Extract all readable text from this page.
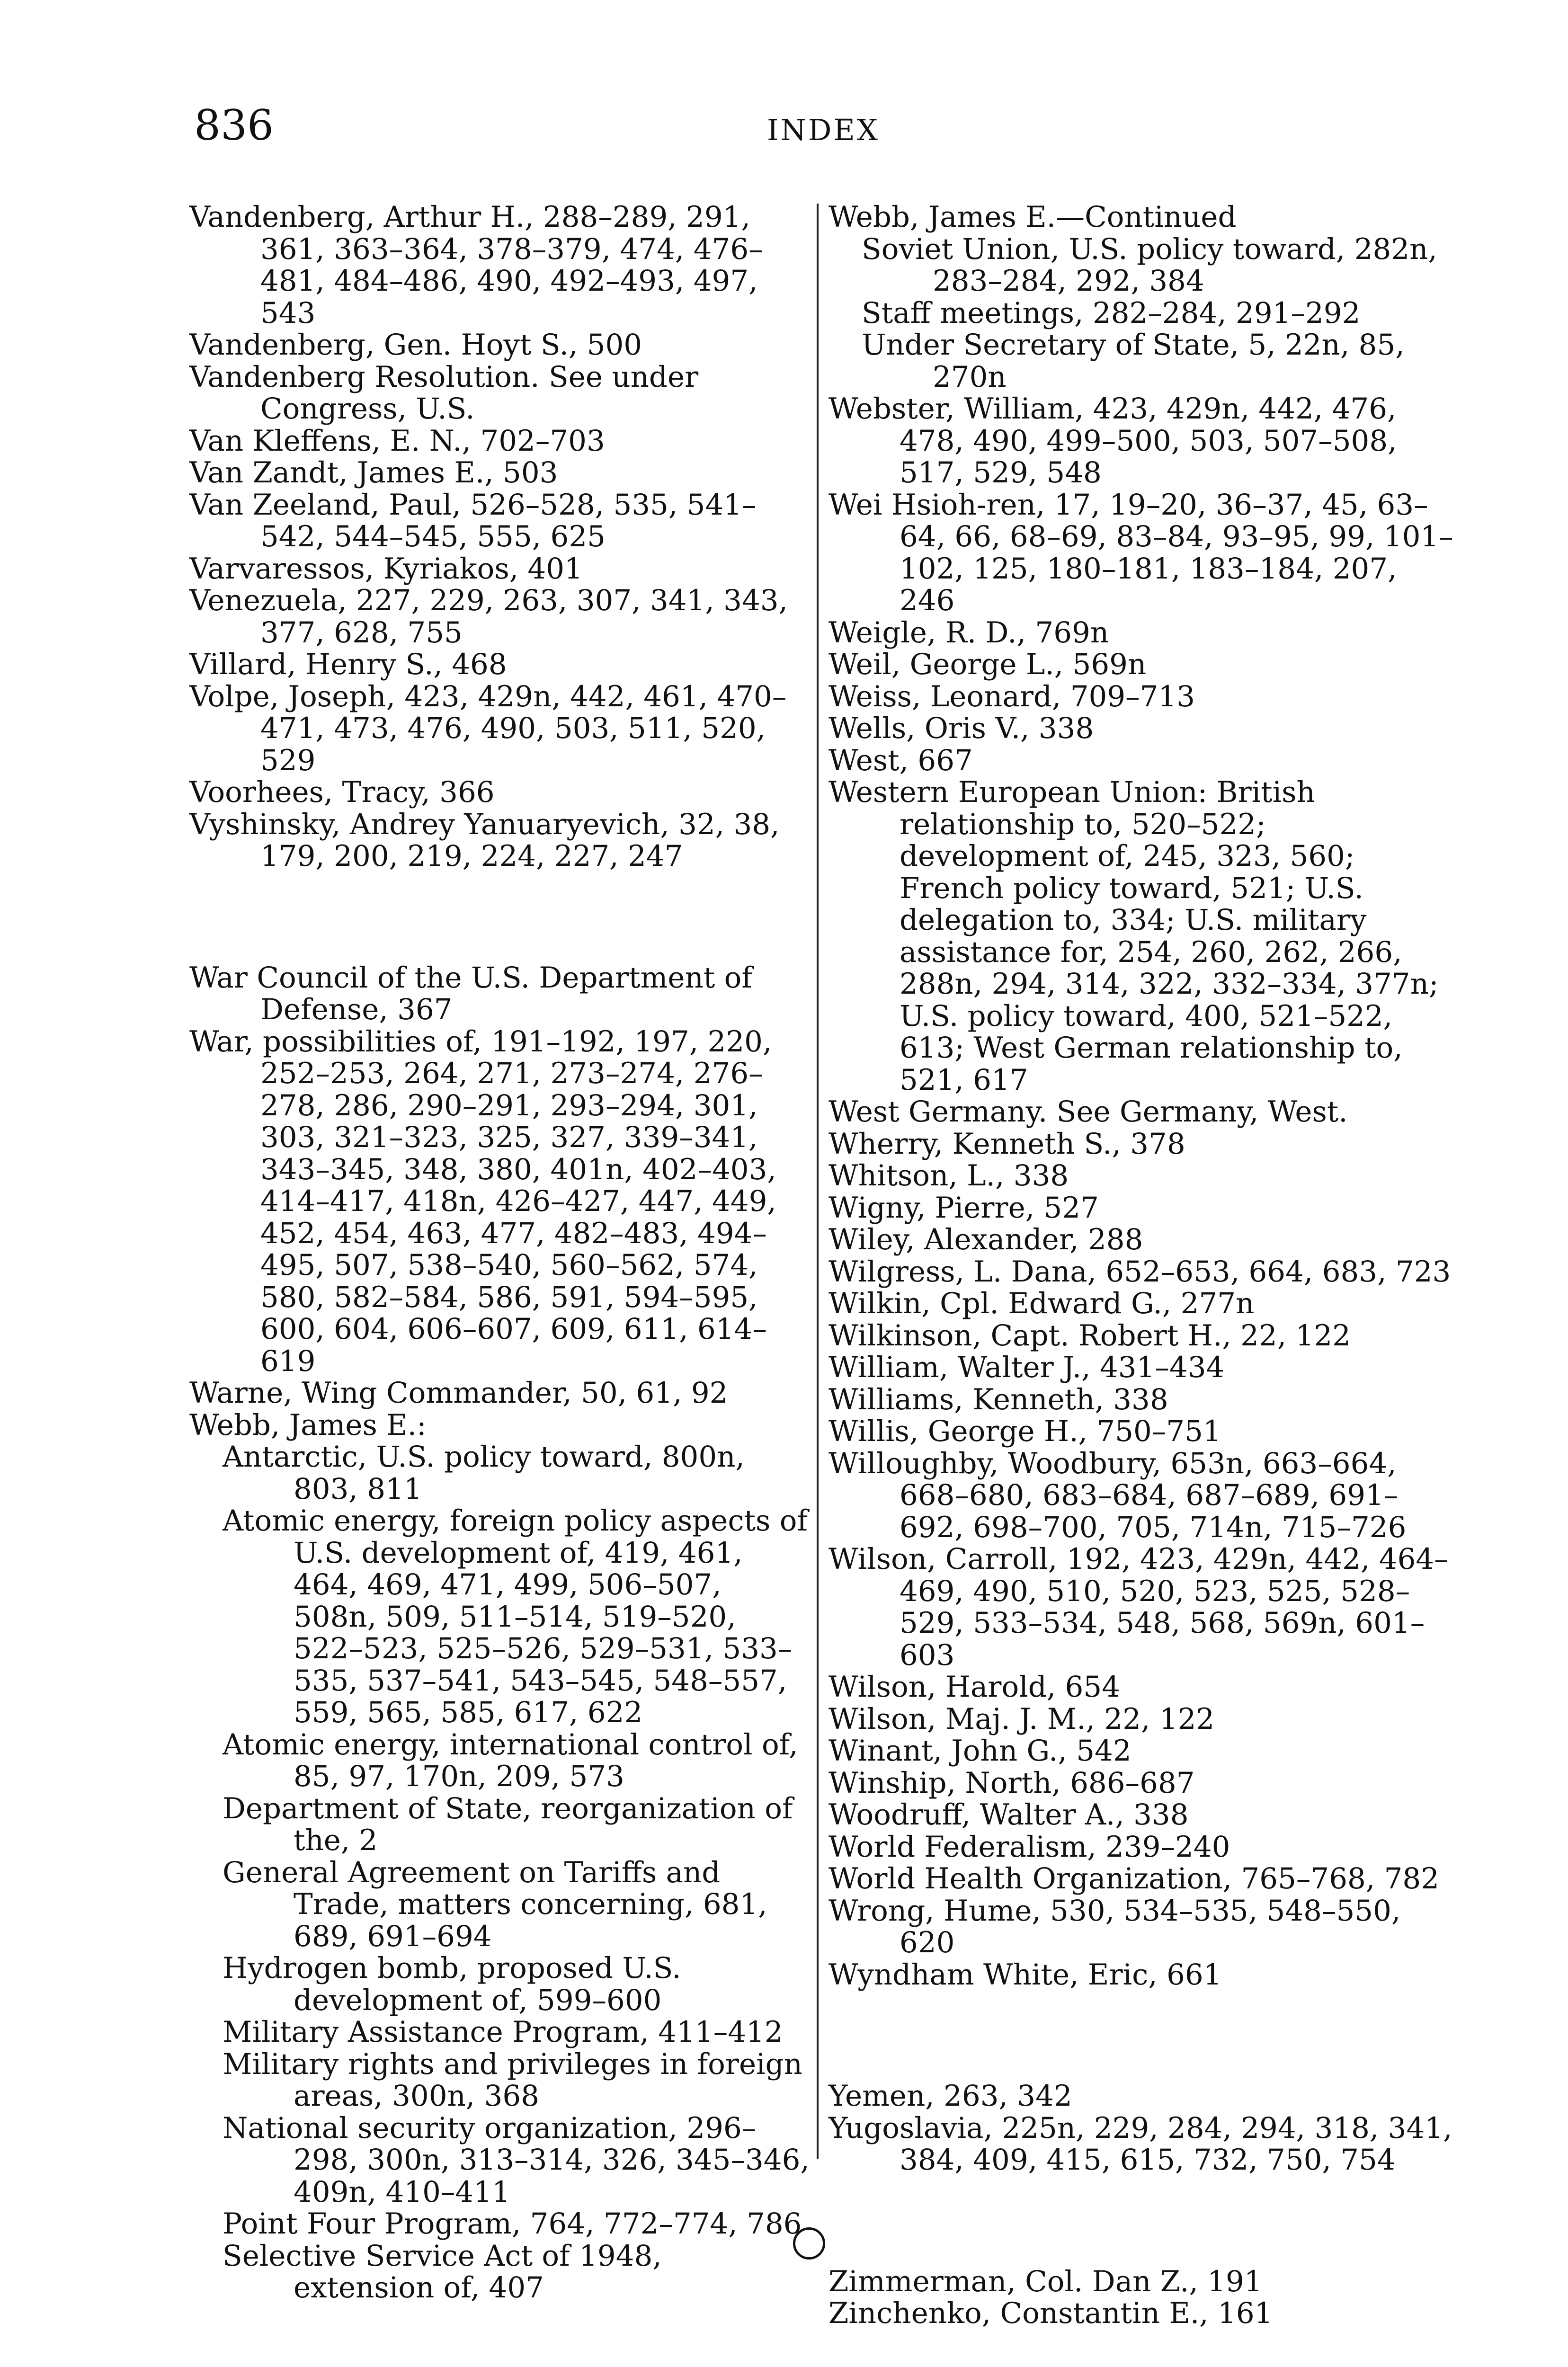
836	INDEX

Vandenberg, Arthur H., 288–289, 291, 361, 363–364, 378–379, 474, 476–481, 484–486, 490, 492–493, 497, 543

Vandenberg, Gen. Hoyt S., 500

Vandenberg Resolution. See under Congress, U.S.

Van Kleffens, E. N., 702–703

Van Zandt, James E., 503

Van Zeeland, Paul, 526–528, 535, 541–542, 544–545, 555, 625

Varvaressos, Kyriakos, 401

Venezuela, 227, 229, 263, 307, 341, 343, 377, 628, 755

Villard, Henry S., 468

Volpe, Joseph, 423, 429n, 442, 461, 470–471, 473, 476, 490, 503, 511, 520, 529

Voorhees, Tracy, 366

Vyshinsky, Andrey Yanuaryevich, 32, 38, 179, 200, 219, 224, 227, 247

War Council of the U.S. Department of Defense, 367

War, possibilities of, 191–192, 197, 220, 252–253, 264, 271, 273–274, 276–278, 286, 290–291, 293–294, 301, 303, 321–323, 325, 327, 339–341, 343–345, 348, 380, 401n, 402–403, 414–417, 418n, 426–427, 447, 449, 452, 454, 463, 477, 482–483, 494–495, 507, 538–540, 560–562, 574, 580, 582–584, 586, 591, 594–595, 600, 604, 606–607, 609, 611, 614–619

Warne, Wing Commander, 50, 61, 92

Webb, James E.:

Antarctic, U.S. policy toward, 800n, 803, 811

Atomic energy, foreign policy aspects of U.S. development of, 419, 461, 464, 469, 471, 499, 506–507, 508n, 509, 511–514, 519–520, 522–523, 525–526, 529–531, 533–535, 537–541, 543–545, 548–557, 559, 565, 585, 617, 622

Atomic energy, international control of, 85, 97, 170n, 209, 573

Department of State, reorganization of the, 2

General Agreement on Tariffs and Trade, matters concerning, 681, 689, 691–694

Hydrogen bomb, proposed U.S. development of, 599–600

Military Assistance Program, 411–412

Military rights and privileges in foreign areas, 300n, 368

National security organization, 296–298, 300n, 313–314, 326, 345–346, 409n, 410–411

Point Four Program, 764, 772–774, 786

Selective Service Act of 1948, extension of, 407

Webb, James E.—Continued

Soviet Union, U.S. policy toward, 282n, 283–284, 292, 384

Staff meetings, 282–284, 291–292

Under Secretary of State, 5, 22n, 85, 270n

Webster, William, 423, 429n, 442, 476, 478, 490, 499–500, 503, 507–508, 517, 529, 548

Wei Hsioh-ren, 17, 19–20, 36–37, 45, 63–64, 66, 68–69, 83–84, 93–95, 99, 101–102, 125, 180–181, 183–184, 207, 246

Weigle, R. D., 769n

Weil, George L., 569n

Weiss, Leonard, 709–713

Wells, Oris V., 338

West, 667

Western European Union: British relationship to, 520–522; development of, 245, 323, 560; French policy toward, 521; U.S. delegation to, 334; U.S. military assistance for, 254, 260, 262, 266, 288n, 294, 314, 322, 332–334, 377n; U.S. policy toward, 400, 521–522, 613; West German relationship to, 521, 617

West Germany. See Germany, West.

Wherry, Kenneth S., 378

Whitson, L., 338

Wigny, Pierre, 527

Wiley, Alexander, 288

Wilgress, L. Dana, 652–653, 664, 683, 723

Wilkin, Cpl. Edward G., 277n

Wilkinson, Capt. Robert H., 22, 122

William, Walter J., 431–434

Williams, Kenneth, 338

Willis, George H., 750–751

Willoughby, Woodbury, 653n, 663–664, 668–680, 683–684, 687–689, 691–692, 698–700, 705, 714n, 715–726

Wilson, Carroll, 192, 423, 429n, 442, 464–469, 490, 510, 520, 523, 525, 528–529, 533–534, 548, 568, 569n, 601–603

Wilson, Harold, 654

Wilson, Maj. J. M., 22, 122

Winant, John G., 542

Winship, North, 686–687

Woodruff, Walter A., 338

World Federalism, 239–240

World Health Organization, 765–768, 782

Wrong, Hume, 530, 534–535, 548–550, 620

Wyndham White, Eric, 661

Yemen, 263, 342

Yugoslavia, 225n, 229, 284, 294, 318, 341, 384, 409, 415, 615, 732, 750, 754

Zimmerman, Col. Dan Z., 191

Zinchenko, Constantin E., 161
